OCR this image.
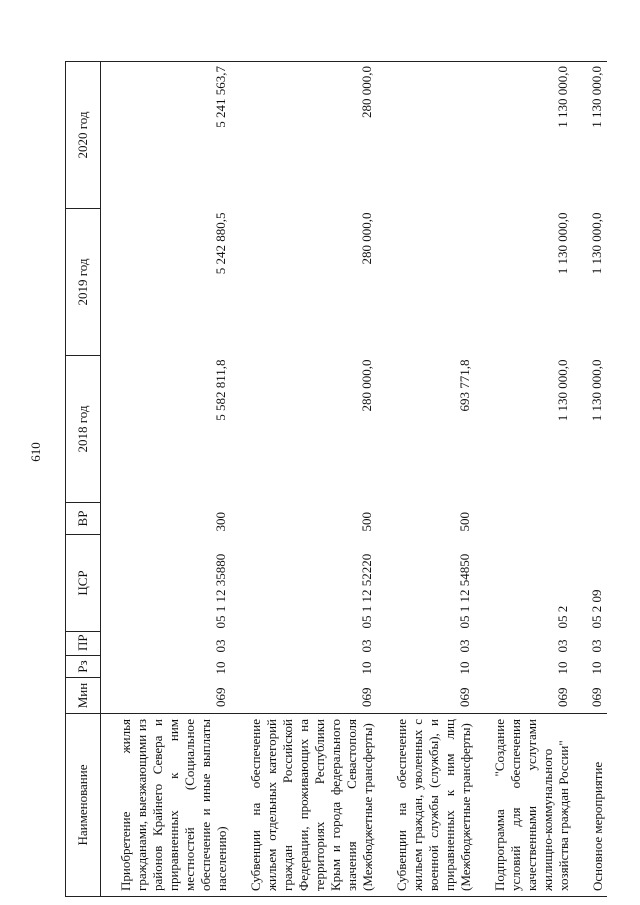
610
Наименование	Мин	Рз	ПР	ЦСР	ВР	2018 год	2019 год	2020 год

Приобретение жилья гражданами, выезжающими из районов Крайнего Севера и приравненных к ним местностей (Социальное обеспечение и иные выплаты населению)	069	10	03	05 1 12 35880	300	5 582 811,8	5 242 880,5	5 241 563,7

Субвенции на обеспечение жильем отдельных категорий граждан Российской Федерации, проживающих на территориях Республики Крым и города федерального значения Севастополя (Межбюджетные трансферты)	069	10	03	05 1 12 52220	500	280 000,0	280 000,0	280 000,0

Субвенции на обеспечение жильем граждан, уволенных с военной службы (службы), и приравненных к ним лиц (Межбюджетные трансферты)	069	10	03	05 1 12 54850	500	693 771,8		

Подпрограмма "Создание условий для обеспечения качественными услугами жилищно-коммунального хозяйства граждан России"	069	10	03	05 2		1 130 000,0	1 130 000,0	1 130 000,0

Основное мероприятие	069	10	03	05 2 09		1 130 000,0	1 130 000,0	1 130 000,0
